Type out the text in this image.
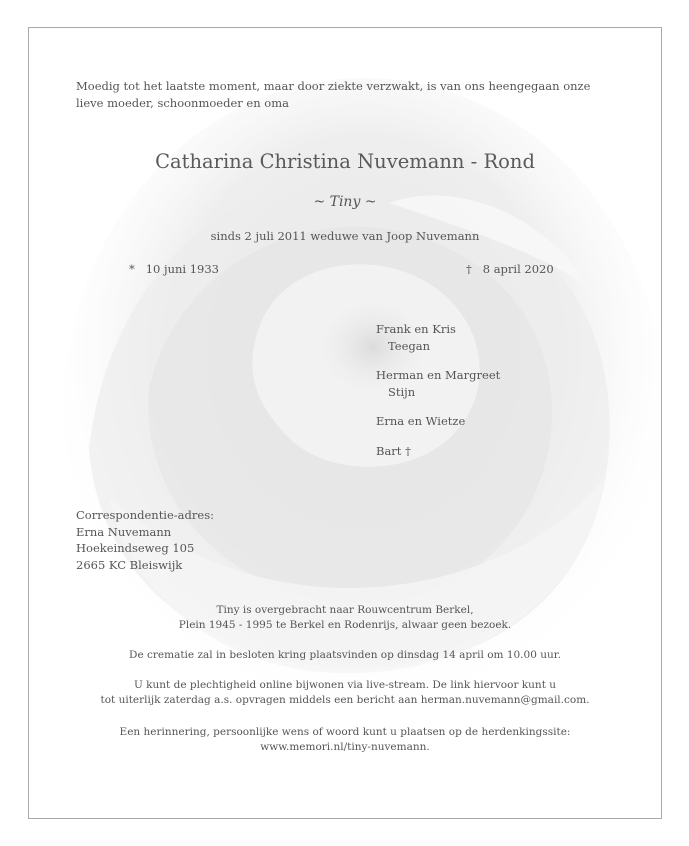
Moedig tot het laatste moment, maar door ziekte verzwakt, is van ons heengegaan onze lieve moeder, schoonmoeder en oma
Catharina Christina Nuvemann - Rond
~ Tiny ~
sinds 2 juli 2011 weduwe van Joop Nuvemann
* 10 juni 1933	† 8 april 2020
Frank en Kris
Teegan
Herman en Margreet
Stijn
Erna en Wietze
Bart †
Correspondentie-adres:
Erna Nuvemann
Hoekeindseweg 105
2665 KC Bleiswijk
Tiny is overgebracht naar Rouwcentrum Berkel,
Plein 1945 - 1995 te Berkel en Rodenrijs, alwaar geen bezoek.
De crematie zal in besloten kring plaatsvinden op dinsdag 14 april om 10.00 uur.
U kunt de plechtigheid online bijwonen via live-stream. De link hiervoor kunt u
tot uiterlijk zaterdag a.s. opvragen middels een bericht aan herman.nuvemann@gmail.com.
Een herinnering, persoonlijke wens of woord kunt u plaatsen op de herdenkingssite:
www.memori.nl/tiny-nuvemann.
